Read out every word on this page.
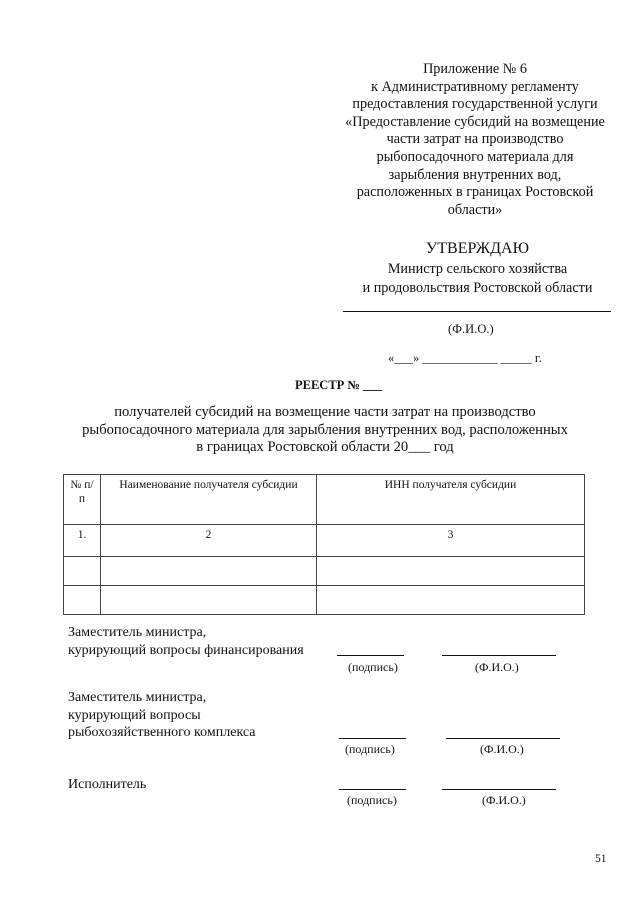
Приложение № 6
к Административному регламенту
предоставления государственной услуги
«Предоставление субсидий на возмещение
части затрат на производство
рыбопосадочного материала для
зарыбления внутренних вод,
расположенных в границах Ростовской
области»
УТВЕРЖДАЮ
Министр сельского хозяйства
и продовольствия Ростовской области
(Ф.И.О.)
«___» ____________ _____ г.
РЕЕСТР № ___
получателей субсидий на возмещение части затрат на производство
рыбопосадочного материала для зарыбления внутренних вод, расположенных
в границах Ростовской области 20___ год
№ п/п	Наименование получателя субсидии	ИНН получателя субсидии
1.	2	3

Заместитель министра,
курирующий вопросы финансирования
(подпись)	(Ф.И.О.)
Заместитель министра,
курирующий вопросы
рыбохозяйственного комплекса
(подпись)	(Ф.И.О.)
Исполнитель
(подпись)	(Ф.И.О.)
51
